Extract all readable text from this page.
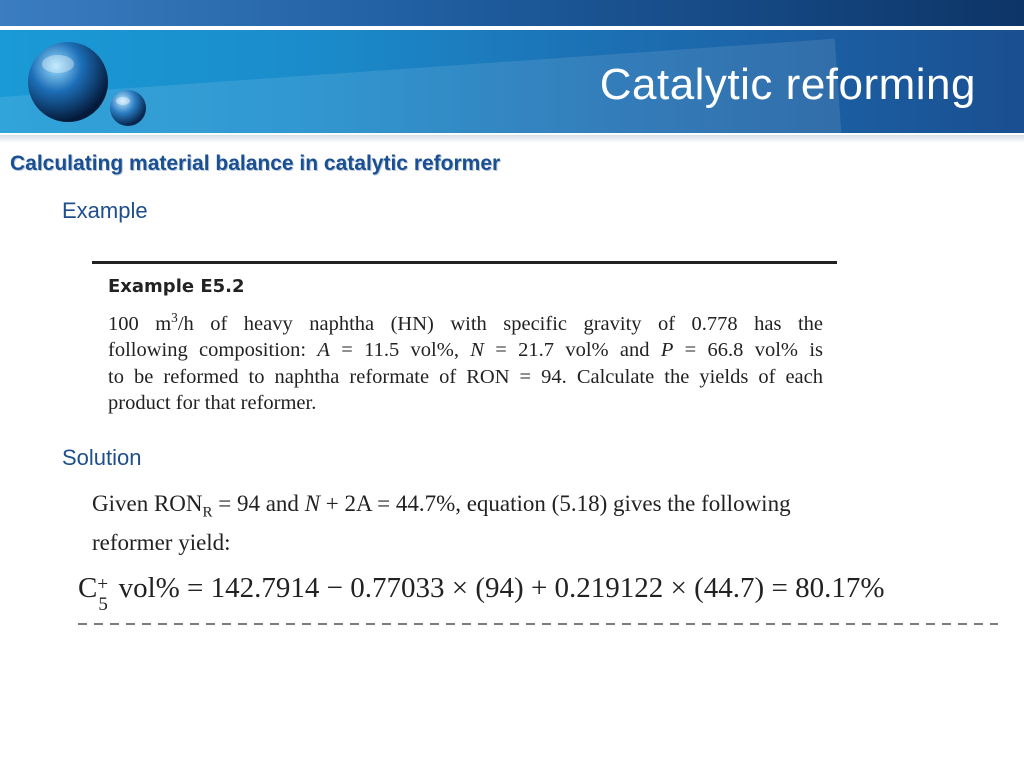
Catalytic reforming
Calculating material balance in catalytic reformer
Example
Example E5.2
100 $m^3/h$ of heavy naphtha (HN) with specific gravity of 0.778 has the
following composition: A = 11.5 vol%, N = 21.7 vol% and P = 66.8 vol% is
to be reformed to naphtha reformate of RON = 94. Calculate the yields of each
product for that reformer.
Solution
Given $RON_R = 94$ and N + 2A = 44.7%, equation (5.18) gives the following
reformer yield:
C +
5
vol% = 142.7914 − 0.77033 × (94) + 0.219122 × (44.7) = 80.17%
